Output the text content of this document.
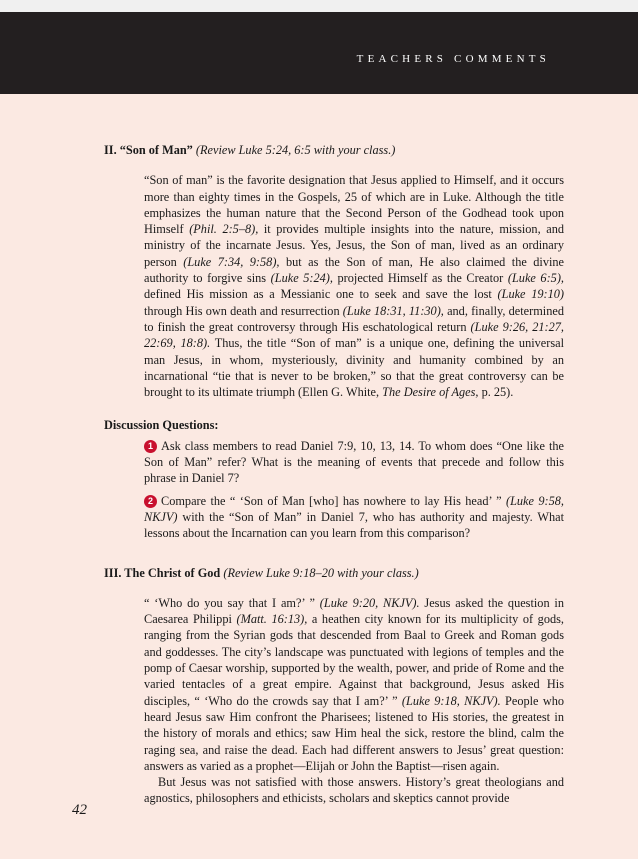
TEACHERS COMMENTS
II. “Son of Man” (Review Luke 5:24, 6:5 with your class.)

“Son of man” is the favorite designation that Jesus applied to Himself, and it occurs more than eighty times in the Gospels, 25 of which are in Luke. Although the title emphasizes the human nature that the Second Person of the Godhead took upon Himself (Phil. 2:5–8), it provides multiple insights into the nature, mission, and ministry of the incarnate Jesus. Yes, Jesus, the Son of man, lived as an ordinary person (Luke 7:34, 9:58), but as the Son of man, He also claimed the divine authority to forgive sins (Luke 5:24), projected Himself as the Creator (Luke 6:5), defined His mission as a Messianic one to seek and save the lost (Luke 19:10) through His own death and resurrection (Luke 18:31, 11:30), and, finally, determined to finish the great controversy through His eschatological return (Luke 9:26, 21:27, 22:69, 18:8). Thus, the title “Son of man” is a unique one, defining the universal man Jesus, in whom, mysteriously, divinity and humanity combined by an incarnational “tie that is never to be broken,” so that the great controversy can be brought to its ultimate triumph (Ellen G. White, The Desire of Ages, p. 25).

Discussion Questions:

1 Ask class members to read Daniel 7:9, 10, 13, 14. To whom does “One like the Son of Man” refer? What is the meaning of events that precede and follow this phrase in Daniel 7?

2 Compare the “ ‘Son of Man [who] has nowhere to lay His head’ ” (Luke 9:58, NKJV) with the “Son of Man” in Daniel 7, who has authority and majesty. What lessons about the Incarnation can you learn from this comparison?

III. The Christ of God (Review Luke 9:18–20 with your class.)

“ ‘Who do you say that I am?’ ” (Luke 9:20, NKJV). Jesus asked the question in Caesarea Philippi (Matt. 16:13), a heathen city known for its multiplicity of gods, ranging from the Syrian gods that descended from Baal to Greek and Roman gods and goddesses. The city’s landscape was punctuated with legions of temples and the pomp of Caesar worship, supported by the wealth, power, and pride of Rome and the varied tentacles of a great empire. Against that background, Jesus asked His disciples, “ ‘Who do the crowds say that I am?’ ” (Luke 9:18, NKJV). People who heard Jesus saw Him confront the Pharisees; listened to His stories, the greatest in the history of morals and ethics; saw Him heal the sick, restore the blind, calm the raging sea, and raise the dead. Each had different answers to Jesus’ great question: answers as varied as a prophet—Elijah or John the Baptist—risen again.

But Jesus was not satisfied with those answers. History’s great theologians and agnostics, philosophers and ethicists, scholars and skeptics cannot provide

42
